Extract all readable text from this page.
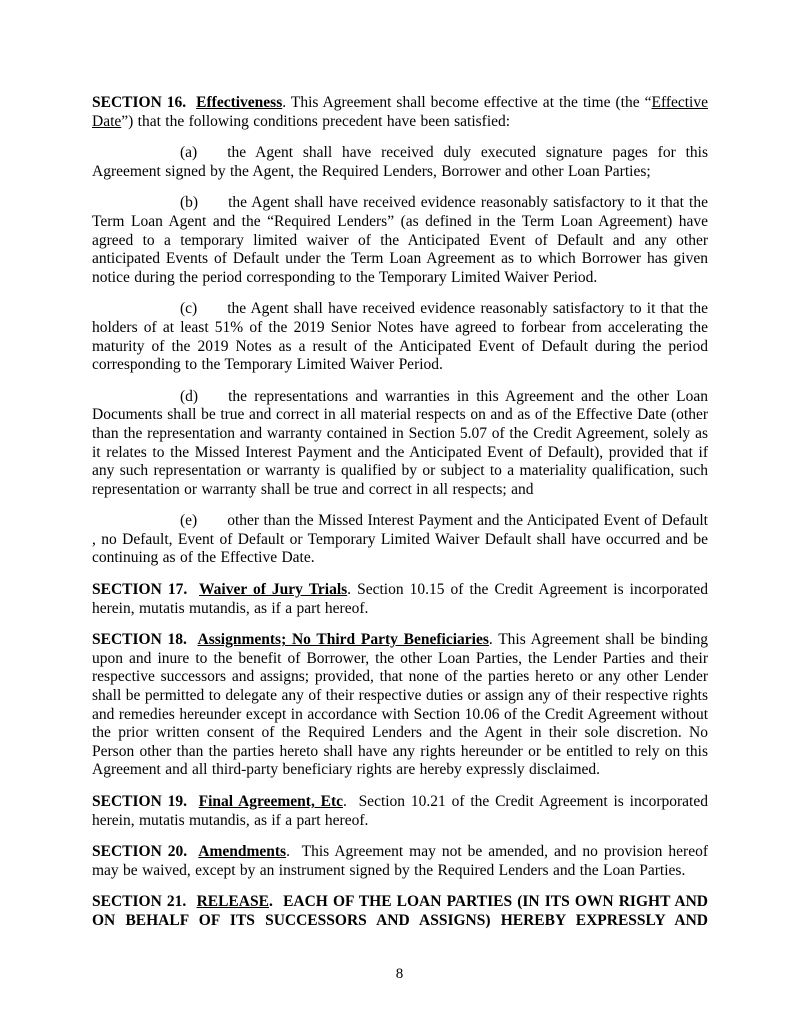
SECTION 16.  Effectiveness. This Agreement shall become effective at the time (the “Effective Date”) that the following conditions precedent have been satisfied:

(a) the Agent shall have received duly executed signature pages for this Agreement signed by the Agent, the Required Lenders, Borrower and other Loan Parties;

(b) the Agent shall have received evidence reasonably satisfactory to it that the Term Loan Agent and the “Required Lenders” (as defined in the Term Loan Agreement) have agreed to a temporary limited waiver of the Anticipated Event of Default and any other anticipated Events of Default under the Term Loan Agreement as to which Borrower has given notice during the period corresponding to the Temporary Limited Waiver Period.

(c) the Agent shall have received evidence reasonably satisfactory to it that the holders of at least 51% of the 2019 Senior Notes have agreed to forbear from accelerating the maturity of the 2019 Notes as a result of the Anticipated Event of Default during the period corresponding to the Temporary Limited Waiver Period.

(d) the representations and warranties in this Agreement and the other Loan Documents shall be true and correct in all material respects on and as of the Effective Date (other than the representation and warranty contained in Section 5.07 of the Credit Agreement, solely as it relates to the Missed Interest Payment and the Anticipated Event of Default), provided that if any such representation or warranty is qualified by or subject to a materiality qualification, such representation or warranty shall be true and correct in all respects; and

(e) other than the Missed Interest Payment and the Anticipated Event of Default , no Default, Event of Default or Temporary Limited Waiver Default shall have occurred and be continuing as of the Effective Date.

SECTION 17.  Waiver of Jury Trials. Section 10.15 of the Credit Agreement is incorporated herein, mutatis mutandis, as if a part hereof.

SECTION 18.  Assignments; No Third Party Beneficiaries. This Agreement shall be binding upon and inure to the benefit of Borrower, the other Loan Parties, the Lender Parties and their respective successors and assigns; provided, that none of the parties hereto or any other Lender shall be permitted to delegate any of their respective duties or assign any of their respective rights and remedies hereunder except in accordance with Section 10.06 of the Credit Agreement without the prior written consent of the Required Lenders and the Agent in their sole discretion. No Person other than the parties hereto shall have any rights hereunder or be entitled to rely on this Agreement and all third-party beneficiary rights are hereby expressly disclaimed.

SECTION 19.  Final Agreement, Etc.  Section 10.21 of the Credit Agreement is incorporated herein, mutatis mutandis, as if a part hereof.

SECTION 20.  Amendments.  This Agreement may not be amended, and no provision hereof may be waived, except by an instrument signed by the Required Lenders and the Loan Parties.

SECTION 21.  RELEASE.  EACH OF THE LOAN PARTIES (IN ITS OWN RIGHT AND ON BEHALF OF ITS SUCCESSORS AND ASSIGNS) HEREBY EXPRESSLY AND

8
